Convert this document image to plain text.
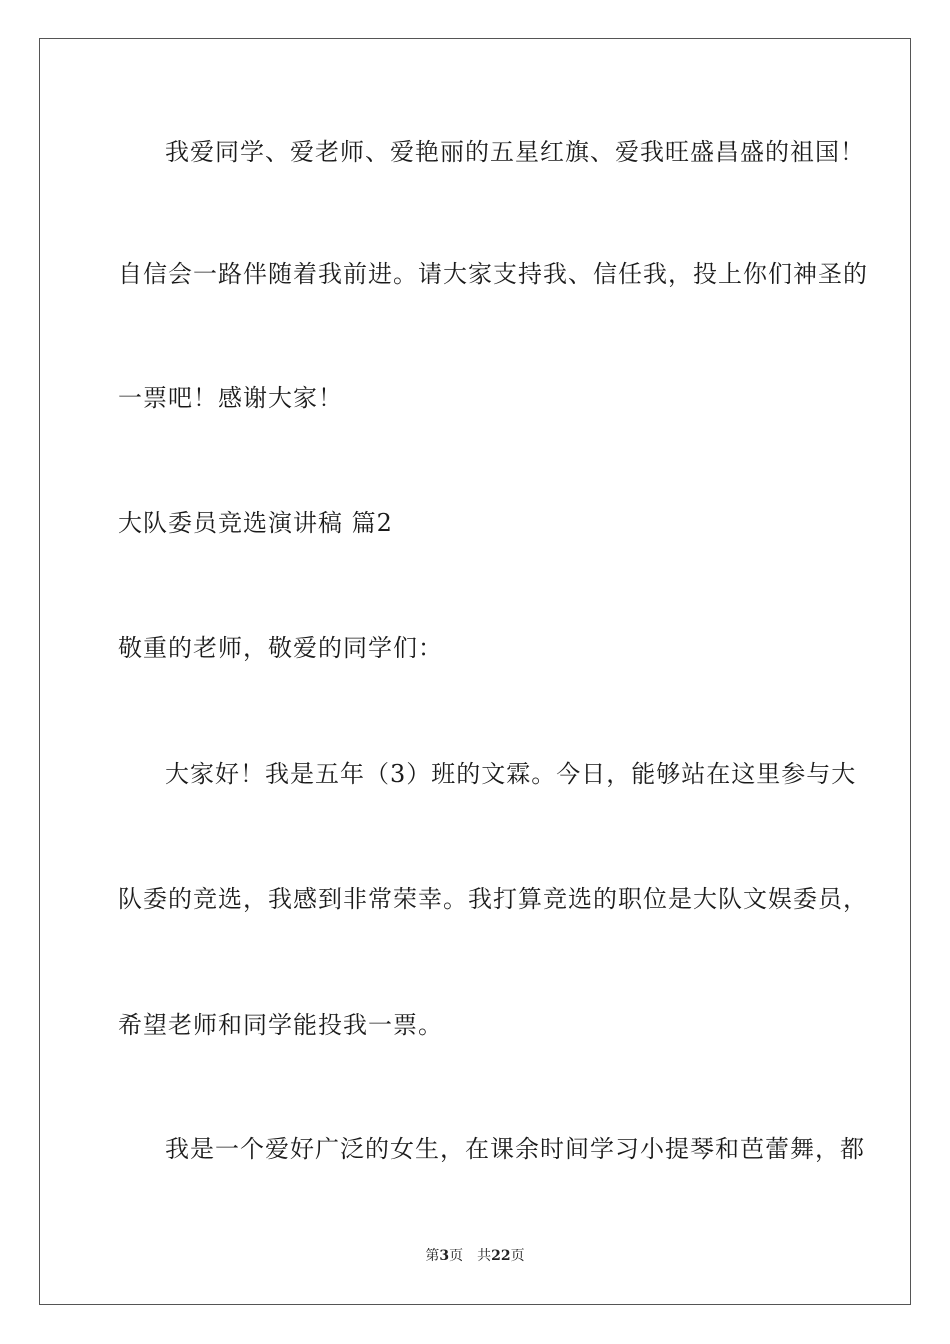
我爱同学、爱老师、爱艳丽的五星红旗、爱我旺盛昌盛的祖国！
自信会一路伴随着我前进。请大家支持我、信任我，投上你们神圣的
一票吧！感谢大家！
大队委员竞选演讲稿 篇2
敬重的老师，敬爱的同学们：
大家好！我是五年（3）班的文霖。今日，能够站在这里参与大
队委的竞选，我感到非常荣幸。我打算竞选的职位是大队文娱委员，
希望老师和同学能投我一票。
我是一个爱好广泛的女生，在课余时间学习小提琴和芭蕾舞，都
第3页 共22页
